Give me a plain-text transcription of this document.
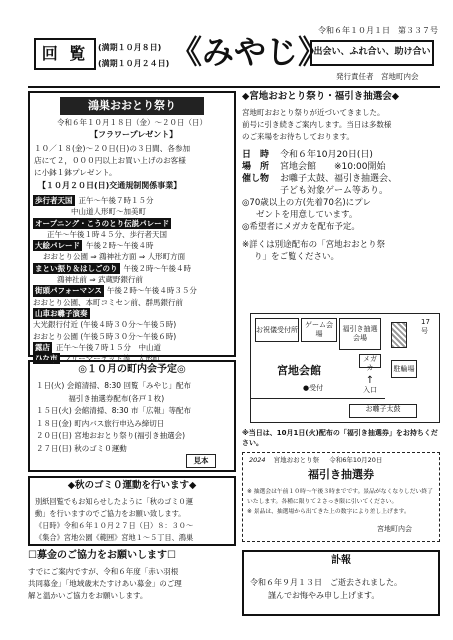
令和６年１０月１日　第３３７号
回 覧 (満期１０月８日)
(満期１０月２４日) 《みやじ》
出会い、ふれ合い、助け合い
発行責任者　宮地町内会
鴻巣おおとり祭り
令和６年１０月１８日（金）～２０日（日）
【フラワープレゼント】
１０／１８(金)～２０日(日)の３日間、各参加
店にて２，０００円以上お買い上げのお客様
に小鉢１鉢プレゼント。
【１０月２０日(日)交通規制関係事業】
歩行者天国 正午～午後７時１５分
中山道人形町～加美町
オープニング・こうのとり伝説パレード
正午～午後１時４５分、歩行者天国
大絵パレード 午後２時～午後４時
おおとり公園 ⇒ 鴻神社方面 ⇒ 人形町方面
まとい振り＆はしごのり 午後２時～午後４時
鴻神社前 ⇒ 武蔵野銀行前
街頭パフォーマンス 午後２時～午後４時３５分
おおとり公園、本町コミセン前、群馬銀行前
山車お囃子演奏
大光銀行付近 (午後４時３０分～午後５時)
おおとり公園 (午後５時３０分～午後６時)
露店 正午～午後７時１５分　中山道
ひな市 フリーマーケット等　人形町
◆宮地おおとり祭り・福引き抽選会◆
宮地町おおとり祭りが近づいてきました。
前号に引き続きご案内します。当日は多数様
のご来場をお待ちしております。
日　時	令和６年10月20日(日)
場　所	宮地会館　　※10:00開始
催し物	お囃子太鼓、福引き抽選会、
子ども対象ゲーム等あり。
◎70歳以上の方(先着70名)にプレ
ゼントを用意しています。
◎希望者にメガカを配布予定。
※詳くは別途配布の「宮地おおとり祭
り」をご覧ください。
お祝儀受付所
ゲーム会場
福引き抽選会場
宮地会館
●受付
メガカ
↑
入口
駐輪場
17号
お囃子太鼓
◎１０月の町内会予定◎
１日(火) 会館清掃、8:30 回覧「みやじ」配布
　　　　 福引き抽選券配布(各戸１枚)
１５日(火) 会館清掃、8:30 市「広報」等配布
１８日(金) 町内バス旅行申込み締切日
２０日(日) 宮地おおとり祭り(福引き抽選会)
２７日(日) 秋のゴミ０運動
見本
※当日は、10月1日(火)配布の「福引き抽選券」をお持ちください。
2024 宮地おおとり祭 令和6年10月20日
福引き抽選券
※ 抽選会は午前１０時～午後３時までです。景品がなくなりしだい終了
いたします。各種に限りて２さっき限に引いてください。
※ 景品は、抽選場から出てきた上の数字により差し上げます。
宮地町内会
◆秋のゴミ０運動を行います◆
別紙回覧でもお知らせしたように「秋のゴミ０運
動」を行いますのでご協力をお願い致します。
《日時》令和６年１０月２７日（日）８：３０～
《集合》宮地公園《範囲》宮地１～５丁目、鴻巣
☐募金のご協力をお願いします☐
すでにご案内ですが、令和６年度「赤い羽根
共同募金」「地域歳末たすけあい募金」のご理
解と温かいご協力をお願いします。
訃報
令和６年９月１３日　ご逝去されました。
謹んでお悔やみ申し上げます。
